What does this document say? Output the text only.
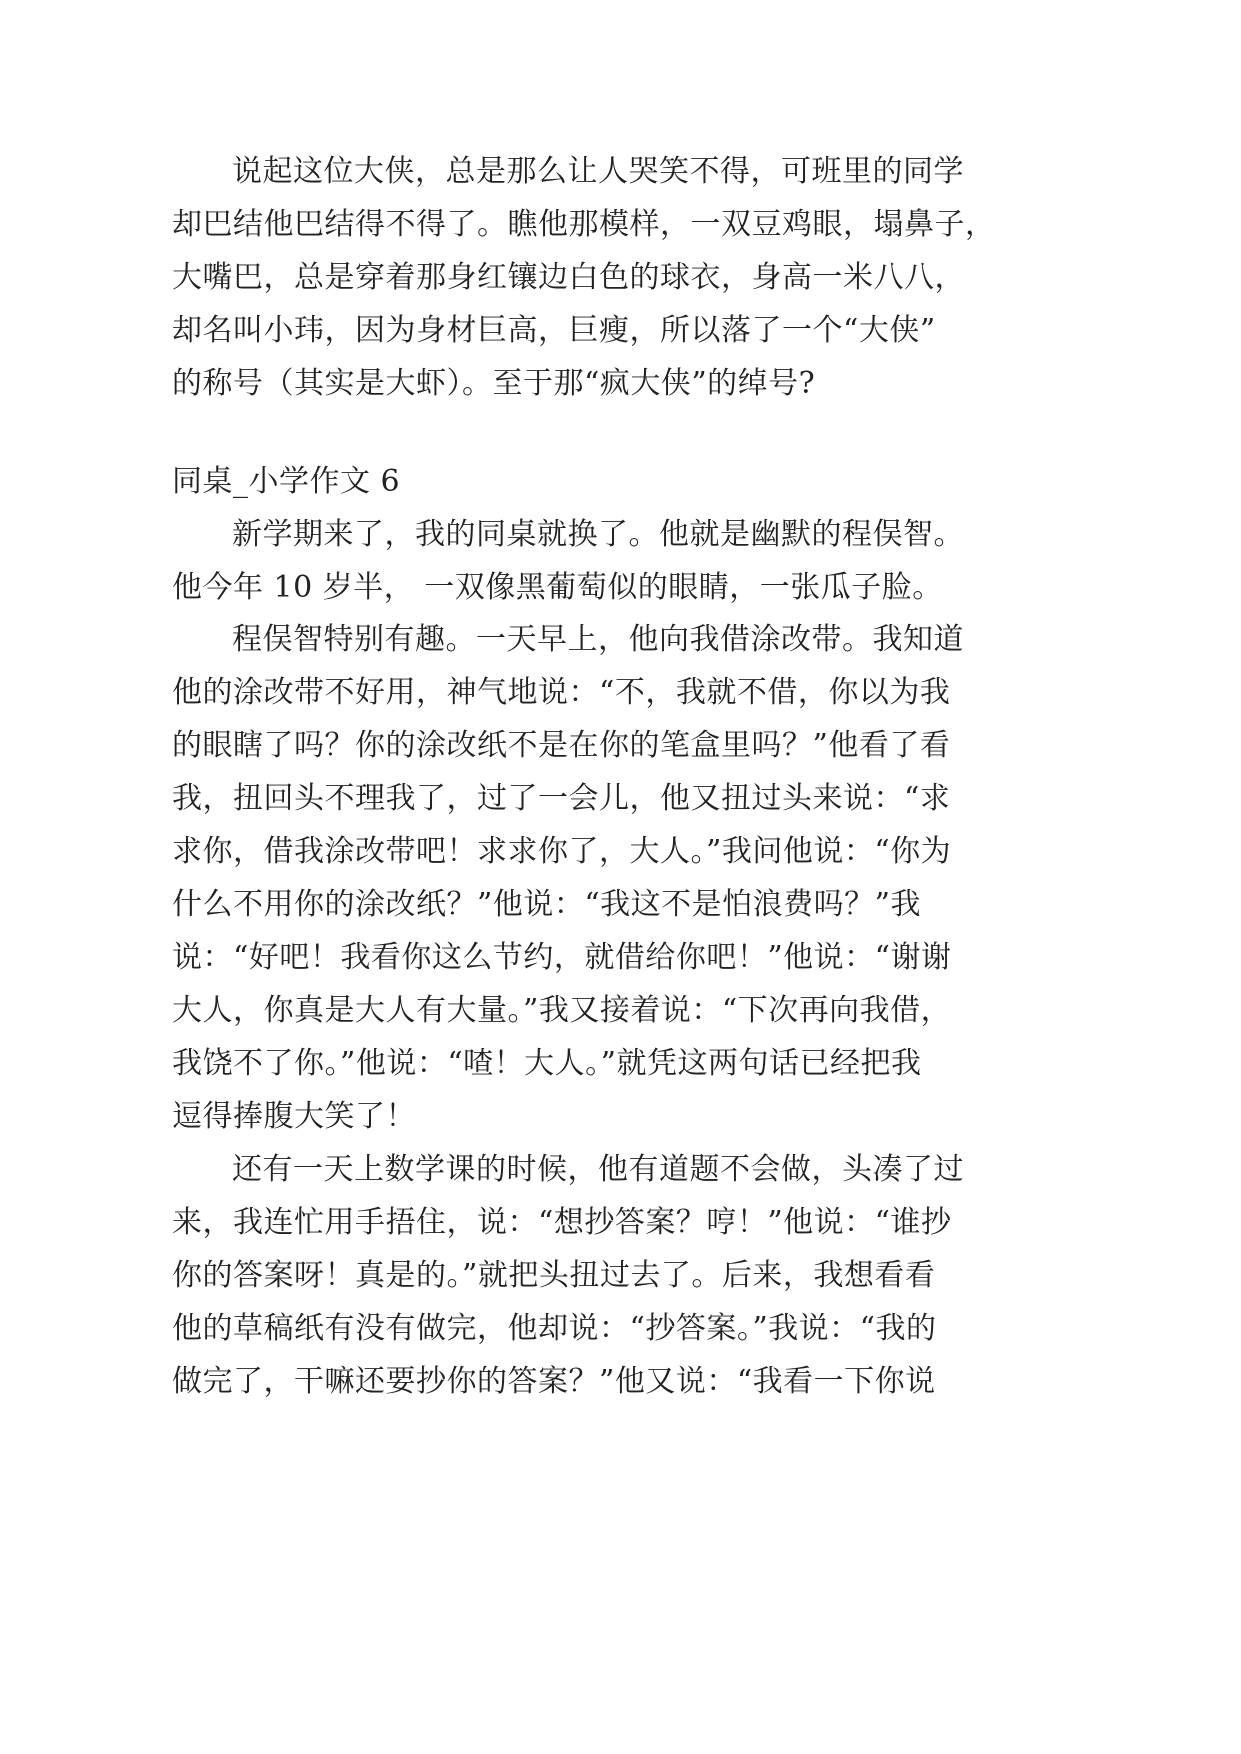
说起这位大侠，总是那么让人哭笑不得，可班里的同学
却巴结他巴结得不得了。瞧他那模样，一双豆鸡眼，塌鼻子，
大嘴巴，总是穿着那身红镶边白色的球衣，身高一米八八，
却名叫小玮，因为身材巨高，巨瘦，所以落了一个“大侠”
的称号（其实是大虾）。至于那“疯大侠”的绰号?
同桌_小学作文 6
新学期来了，我的同桌就换了。他就是幽默的程俣智。
他今年 10 岁半， 一双像黑葡萄似的眼睛，一张瓜子脸。
程俣智特别有趣。一天早上，他向我借涂改带。我知道
他的涂改带不好用，神气地说：“不，我就不借，你以为我
的眼瞎了吗？你的涂改纸不是在你的笔盒里吗？”他看了看
我，扭回头不理我了，过了一会儿，他又扭过头来说：“求
求你，借我涂改带吧！求求你了，大人。”我问他说：“你为
什么不用你的涂改纸？”他说：“我这不是怕浪费吗？”我
说：“好吧！我看你这么节约，就借给你吧！”他说：“谢谢
大人，你真是大人有大量。”我又接着说：“下次再向我借，
我饶不了你。”他说：“喳！大人。”就凭这两句话已经把我
逗得捧腹大笑了！
还有一天上数学课的时候，他有道题不会做，头凑了过
来，我连忙用手捂住，说：“想抄答案？哼！”他说：“谁抄
你的答案呀！真是的。”就把头扭过去了。后来，我想看看
他的草稿纸有没有做完，他却说：“抄答案。”我说：“我的
做完了，干嘛还要抄你的答案？”他又说：“我看一下你说
